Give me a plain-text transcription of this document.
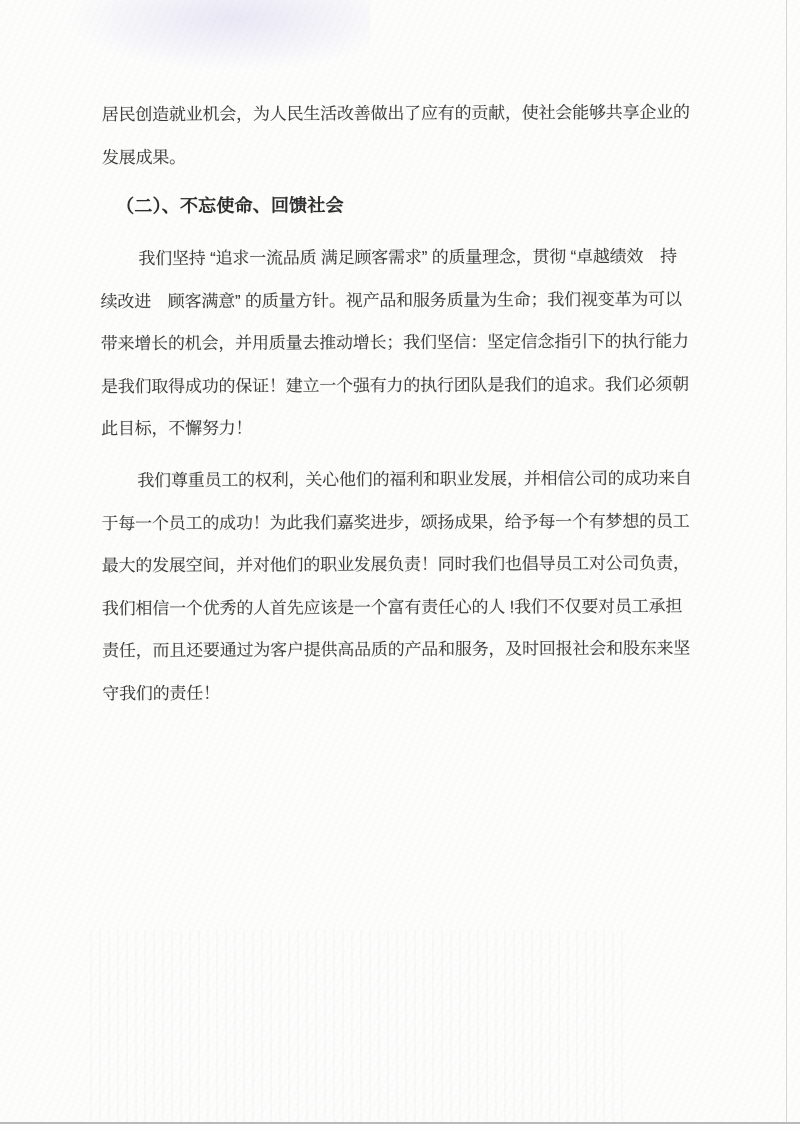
居民创造就业机会，为人民生活改善做出了应有的贡献，使社会能够共享企业的
发展成果。
（二）、不忘使命、回馈社会
我们坚持 “追求一流品质 满足顾客需求” 的质量理念，贯彻 “卓越绩效　持
续改进　顾客满意” 的质量方针。视产品和服务质量为生命；我们视变革为可以
带来增长的机会，并用质量去推动增长；我们坚信：坚定信念指引下的执行能力
是我们取得成功的保证！建立一个强有力的执行团队是我们的追求。我们必须朝
此目标，不懈努力！
我们尊重员工的权利，关心他们的福利和职业发展，并相信公司的成功来自
于每一个员工的成功！为此我们嘉奖进步，颂扬成果，给予每一个有梦想的员工
最大的发展空间，并对他们的职业发展负责！同时我们也倡导员工对公司负责，
我们相信一个优秀的人首先应该是一个富有责任心的人 !我们不仅要对员工承担
责任，而且还要通过为客户提供高品质的产品和服务，及时回报社会和股东来坚
守我们的责任！
